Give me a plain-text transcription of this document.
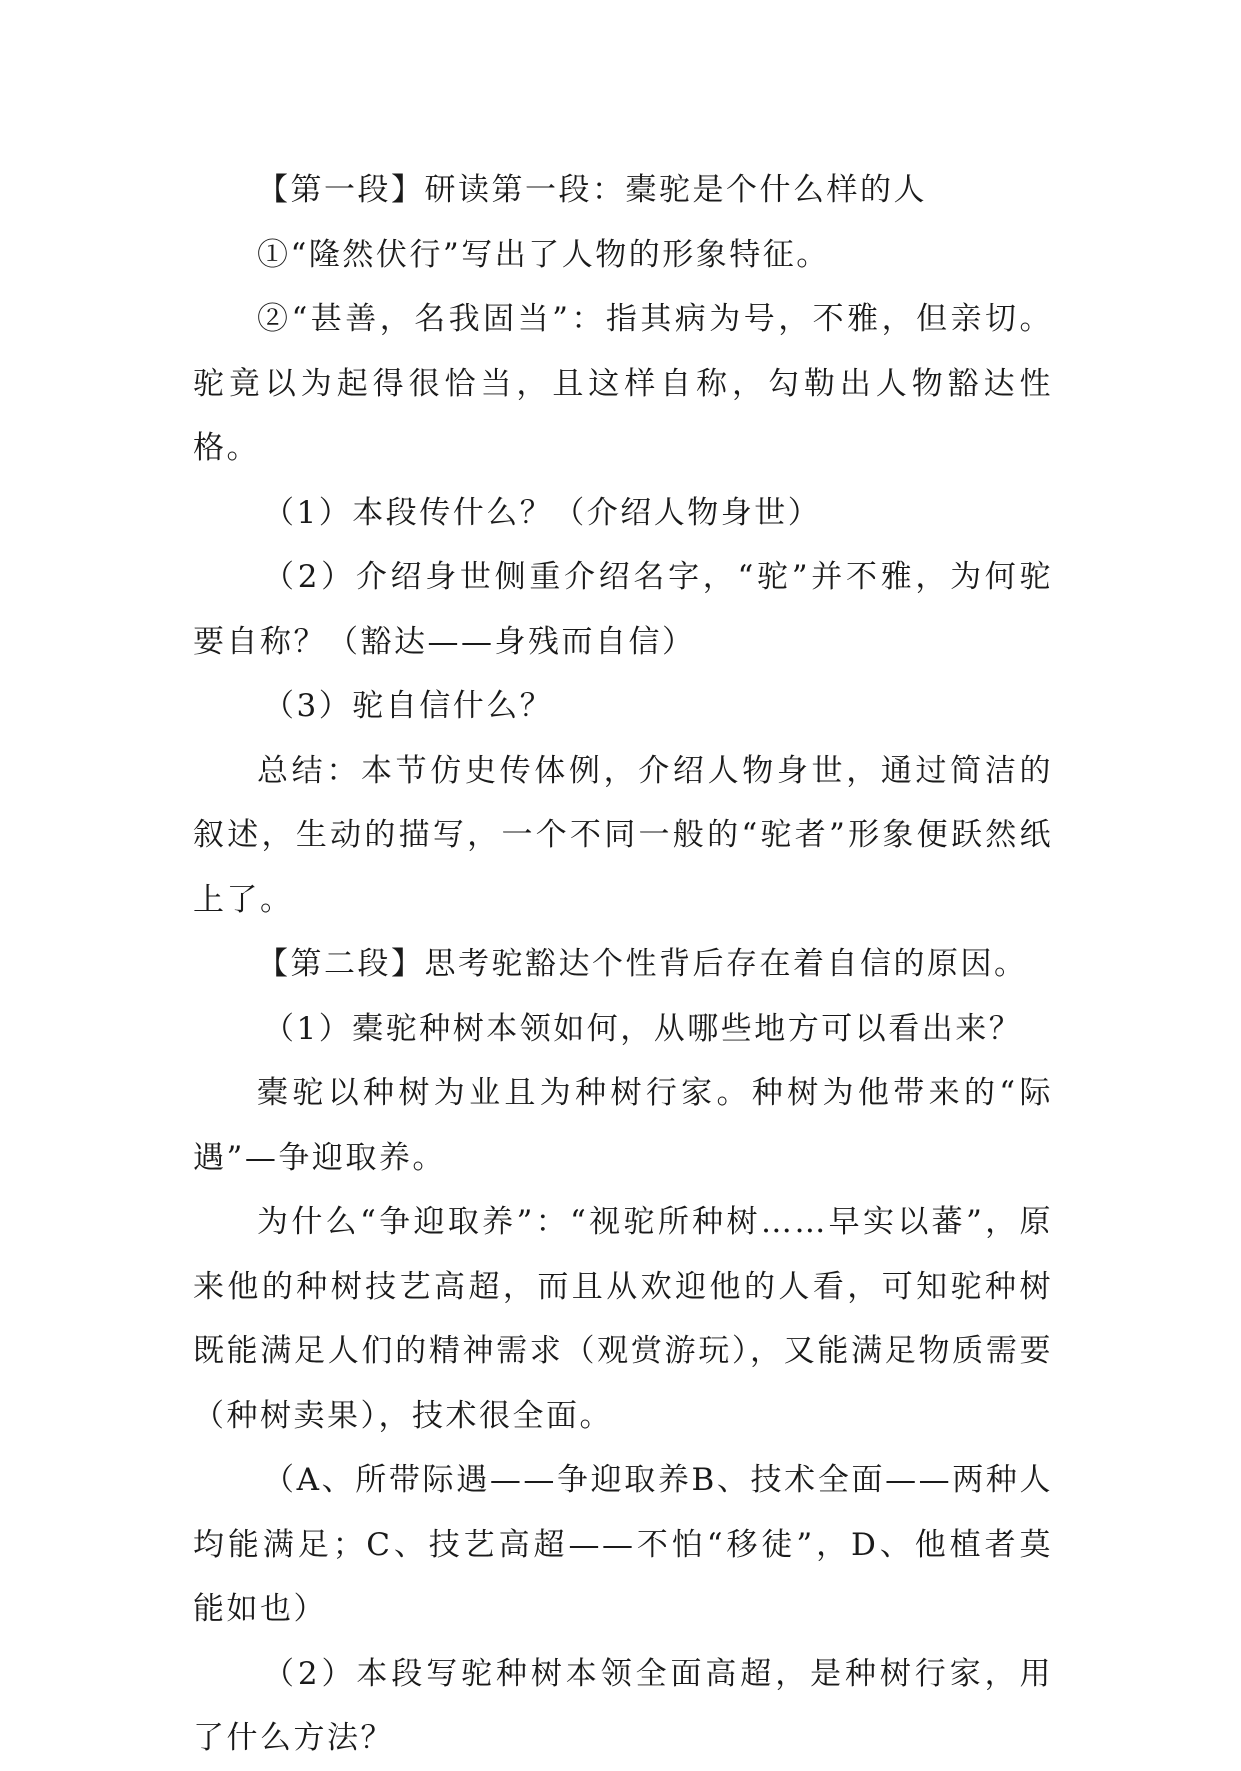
【第一段】研读第一段：橐驼是个什么样的人

①“隆然伏行”写出了人物的形象特征。

②“甚善，名我固当”：指其病为号，不雅，但亲切。驼竟以为起得很恰当，且这样自称，勾勒出人物豁达性格。

（1）本段传什么？（介绍人物身世）

（2）介绍身世侧重介绍名字，“驼”并不雅，为何驼要自称？（豁达——身残而自信）

（3）驼自信什么？

总结：本节仿史传体例，介绍人物身世，通过简洁的叙述，生动的描写，一个不同一般的“驼者”形象便跃然纸上了。

【第二段】思考驼豁达个性背后存在着自信的原因。

（1）橐驼种树本领如何，从哪些地方可以看出来？

橐驼以种树为业且为种树行家。种树为他带来的“际遇”—争迎取养。

为什么“争迎取养”：“视驼所种树……早实以蕃”，原来他的种树技艺高超，而且从欢迎他的人看，可知驼种树既能满足人们的精神需求（观赏游玩），又能满足物质需要（种树卖果），技术很全面。

（A、所带际遇——争迎取养B、技术全面——两种人均能满足；C、技艺高超——不怕“移徒”，D、他植者莫能如也）

（2）本段写驼种树本领全面高超，是种树行家，用了什么方法？
